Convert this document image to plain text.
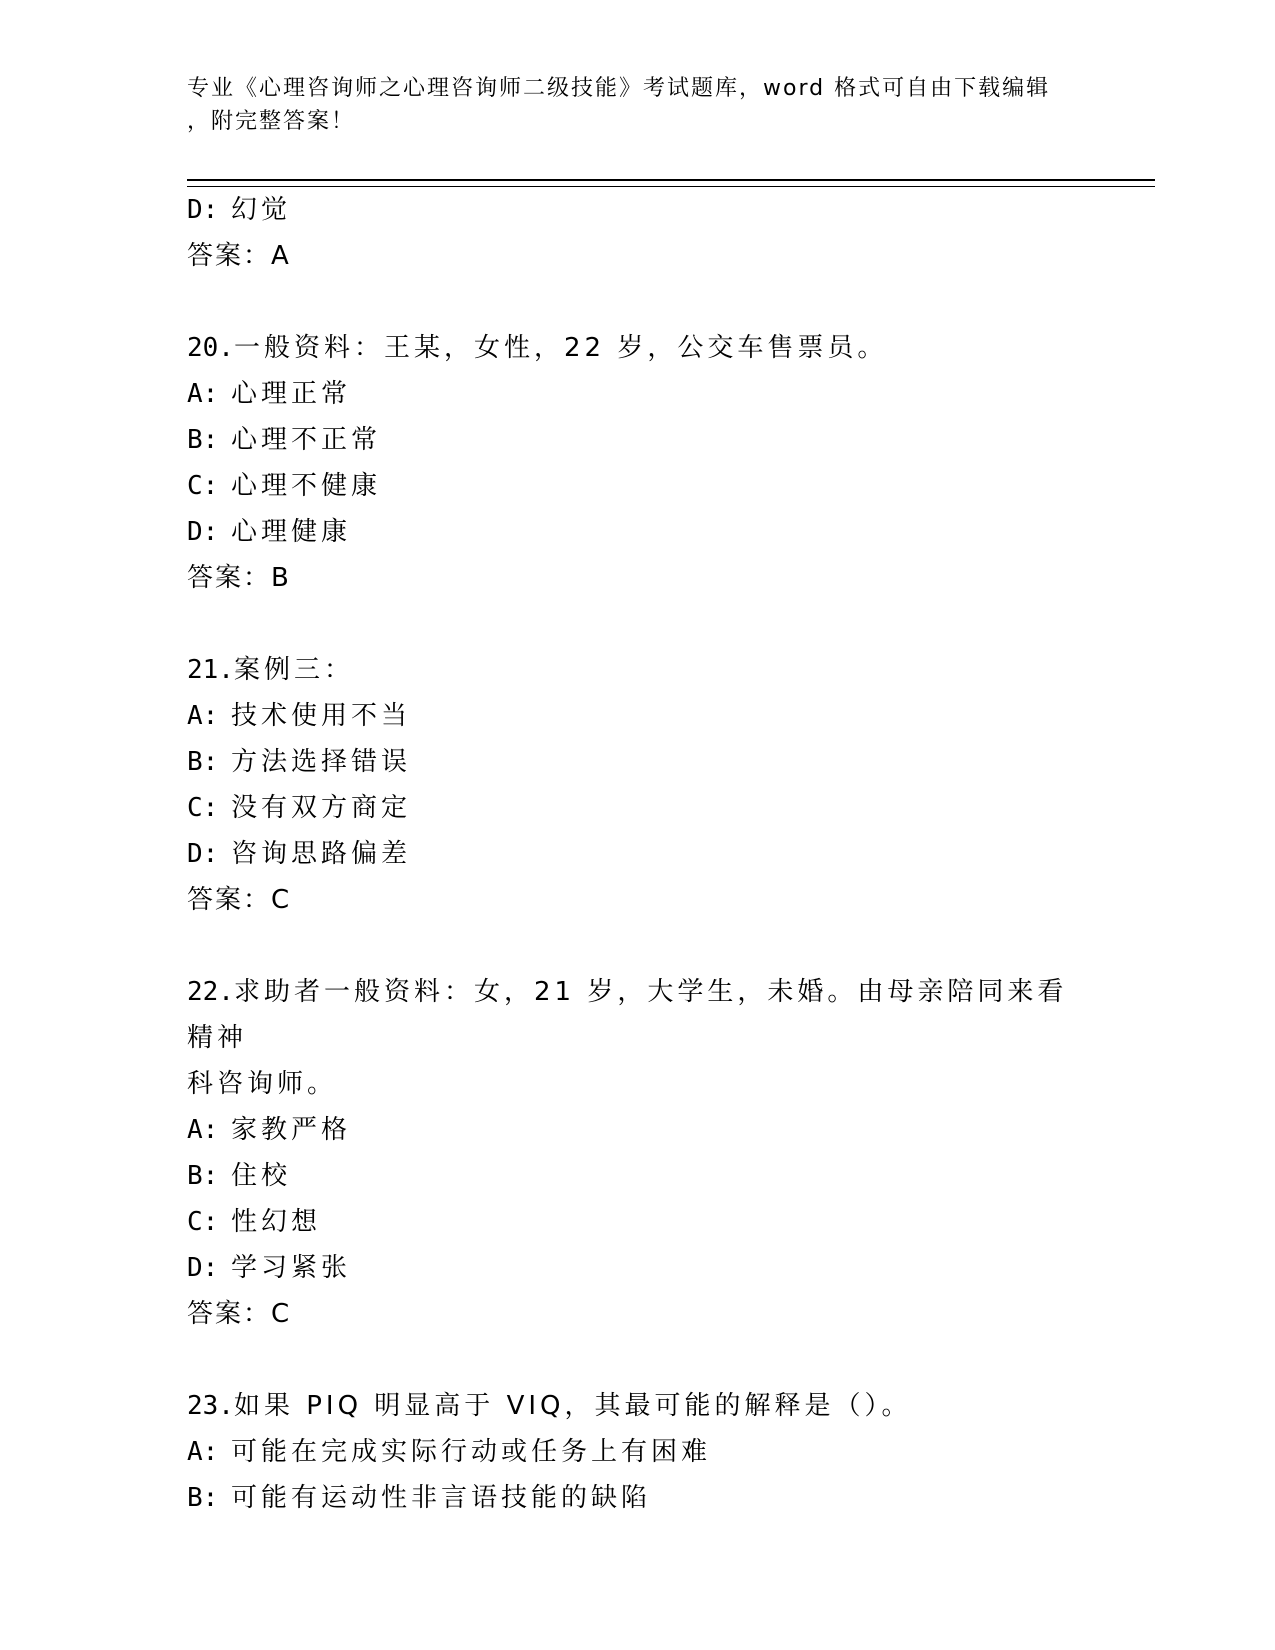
专业《心理咨询师之心理咨询师二级技能》考试题库，word 格式可自由下载编辑
，附完整答案！
D: 幻觉
答案：A
20.一般资料：王某，女性，22 岁，公交车售票员。
A: 心理正常
B: 心理不正常
C: 心理不健康
D: 心理健康
答案：B
21.案例三：
A: 技术使用不当
B: 方法选择错误
C: 没有双方商定
D: 咨询思路偏差
答案：C
22.求助者一般资料：女，21 岁，大学生，未婚。由母亲陪同来看精神
科咨询师。
A: 家教严格
B: 住校
C: 性幻想
D: 学习紧张
答案：C
23.如果 PIQ 明显高于 VIQ，其最可能的解释是（）。
A: 可能在完成实际行动或任务上有困难
B: 可能有运动性非言语技能的缺陷
